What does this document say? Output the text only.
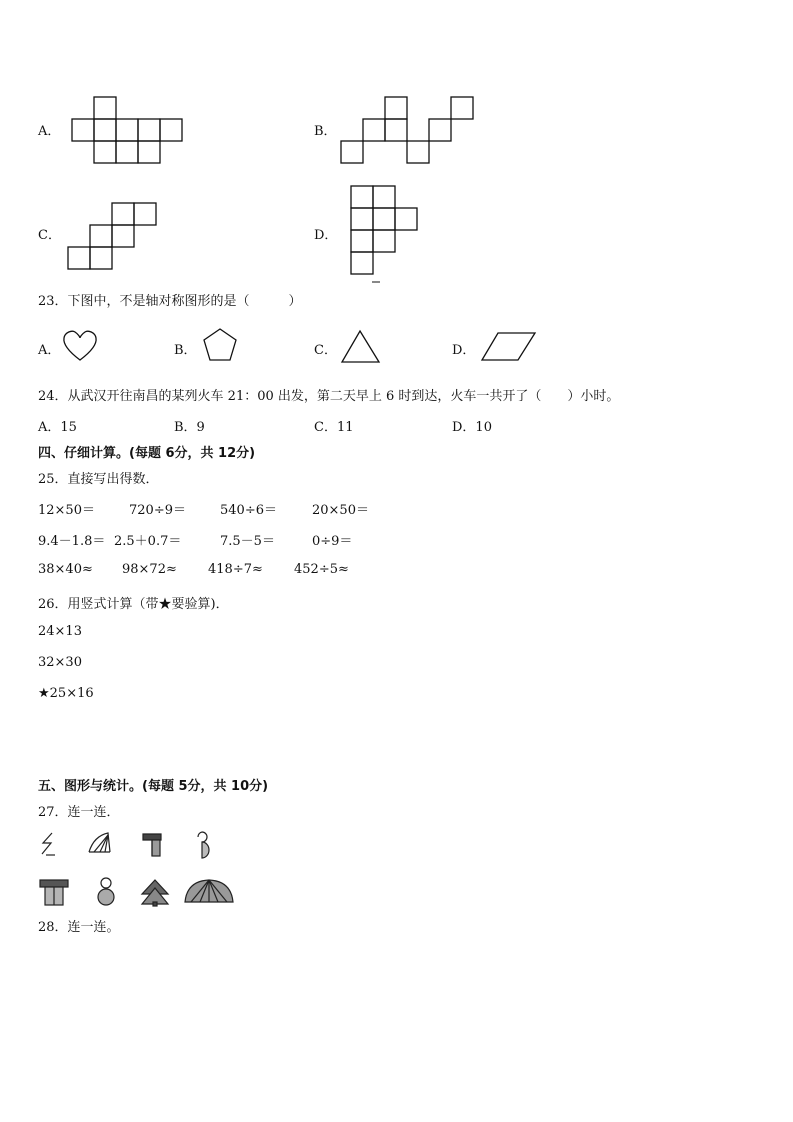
A．	B．
C．	D．
23．下图中，不是轴对称图形的是（　　　）
A．	B．	C．	D．
24．从武汉开往南昌的某列火车 21：00 出发，第二天早上 6 时到达，火车一共开了（　　）小时。
A．15	B．9	C．11	D．10
四、仔细计算。(每题 6分，共 12分)
25．直接写出得数．
12×50＝	720÷9＝	540÷6＝	20×50＝
9.4－1.8＝ 2.5＋0.7＝	7.5－5＝	0÷9＝
38×40≈ 98×72≈ 418÷7≈ 452÷5≈
26．用竖式计算（带★要验算)．
24×13
32×30
★25×16
五、图形与统计。(每题 5分，共 10分)
27．连一连．
28．连一连。
